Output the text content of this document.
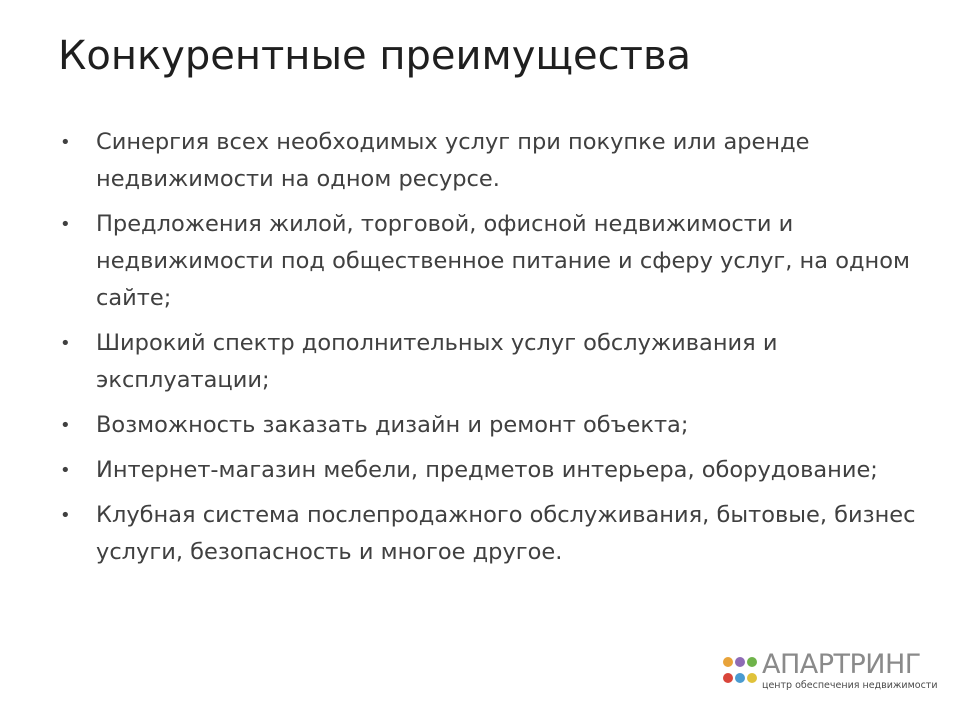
Конкурентные преимущества
• Синергия всех необходимых услуг при покупке или аренде недвижимости на одном ресурсе.
• Предложения жилой, торговой, офисной недвижимости и недвижимости под общественное питание и сферу услуг, на одном сайте;
• Широкий спектр дополнительных услуг обслуживания и эксплуатации;
• Возможность заказать дизайн и ремонт объекта;
• Интернет-магазин мебели, предметов интерьера, оборудование;
• Клубная система послепродажного обслуживания, бытовые, бизнес услуги, безопасность и многое другое.
АПАРТРИНГ
центр обеспечения недвижимости
